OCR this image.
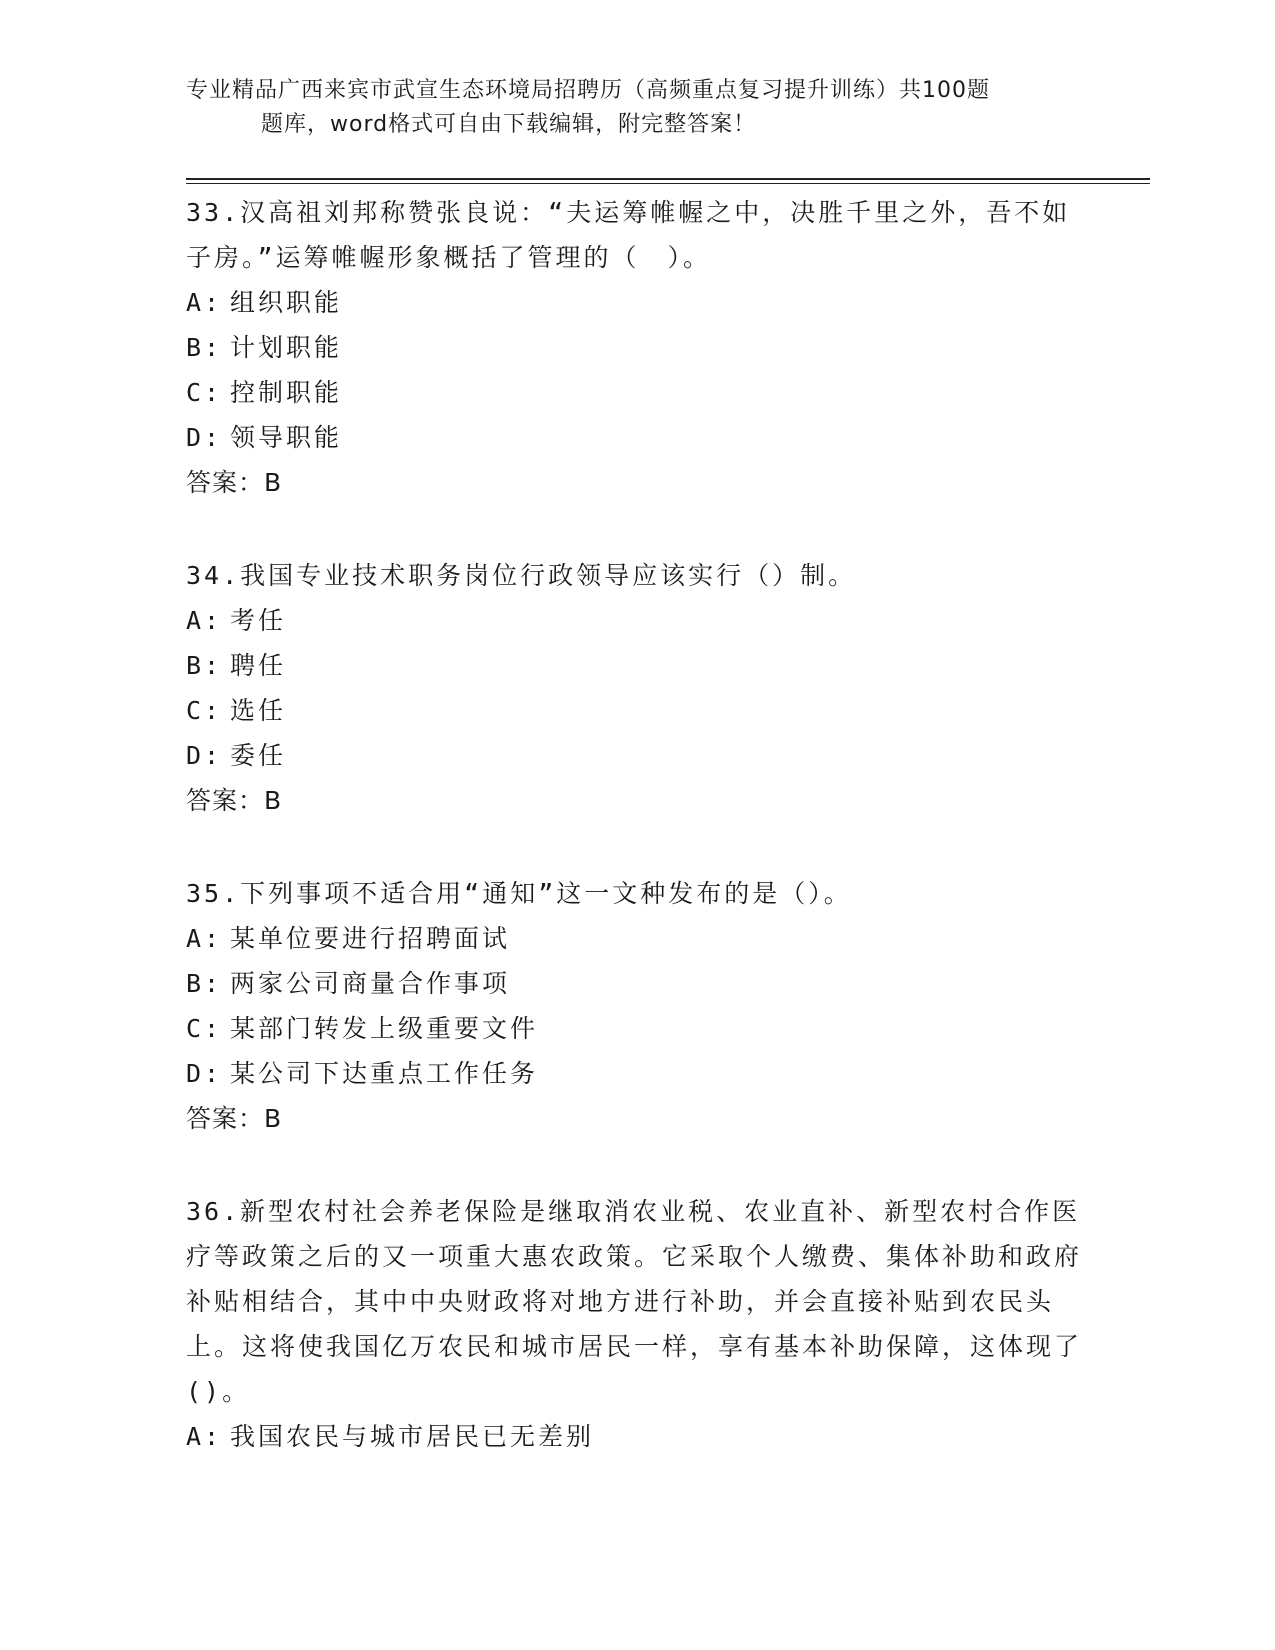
专业精品广西来宾市武宣生态环境局招聘历（高频重点复习提升训练）共100题
题库，word格式可自由下载编辑，附完整答案！

33.汉高祖刘邦称赞张良说：“夫运筹帷幄之中，决胜千里之外，吾不如子房。”运筹帷幄形象概括了管理的（　）。

A: 组织职能
B: 计划职能
C: 控制职能
D: 领导职能
答案：B

34.我国专业技术职务岗位行政领导应该实行（）制。

A: 考任
B: 聘任
C: 选任
D: 委任
答案：B

35.下列事项不适合用“通知”这一文种发布的是（）。

A: 某单位要进行招聘面试
B: 两家公司商量合作事项
C: 某部门转发上级重要文件
D: 某公司下达重点工作任务
答案：B

36.新型农村社会养老保险是继取消农业税、农业直补、新型农村合作医疗等政策之后的又一项重大惠农政策。它采取个人缴费、集体补助和政府补贴相结合，其中中央财政将对地方进行补助，并会直接补贴到农民头上。这将使我国亿万农民和城市居民一样，享有基本补助保障，这体现了()。

A: 我国农民与城市居民已无差别
